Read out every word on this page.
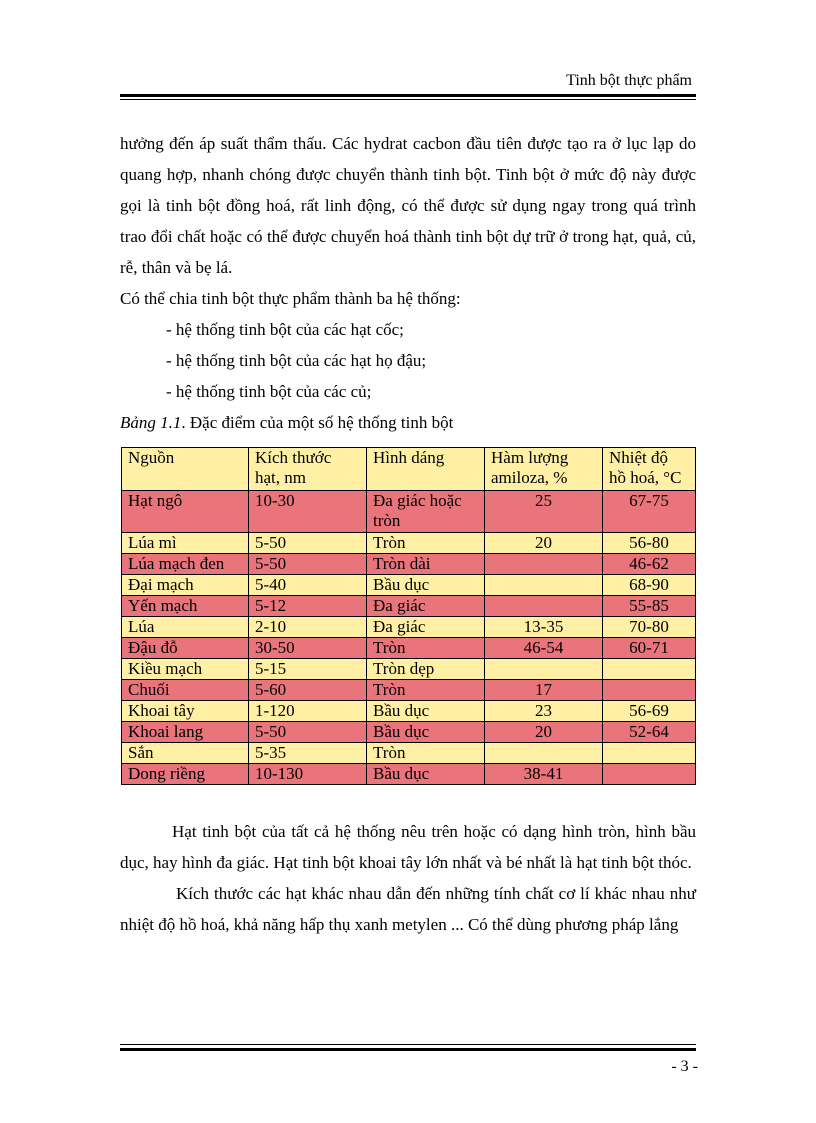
Tinh bột thực phẩm

hưởng đến áp suất thẩm thấu. Các hydrat cacbon đầu tiên được tạo ra ở lục lạp do quang hợp, nhanh chóng được chuyển thành tinh bột. Tinh bột ở mức độ này được gọi là tinh bột đồng hoá, rất linh động, có thể được sử dụng ngay trong quá trình trao đổi chất hoặc có thể được chuyển hoá thành tinh bột dự trữ ở trong hạt, quả, củ, rễ, thân và bẹ lá.

Có thể chia tinh bột thực phẩm thành ba hệ thống:

- hệ thống tinh bột của các hạt cốc;
- hệ thống tinh bột của các hạt họ đậu;
- hệ thống tinh bột của các củ;

Bảng 1.1. Đặc điểm của một số hệ thống tinh bột

Nguồn	Kích thước hạt, nm	Hình dáng	Hàm lượng amiloza, %	Nhiệt độ hồ hoá, °C
Hạt ngô	10-30	Đa giác hoặc tròn	25	67-75
Lúa mì	5-50	Tròn	20	56-80
Lúa mạch đen	5-50	Tròn dài		46-62
Đại mạch	5-40	Bầu dục		68-90
Yến mạch	5-12	Đa giác		55-85
Lúa	2-10	Đa giác	13-35	70-80
Đậu đỗ	30-50	Tròn	46-54	60-71
Kiều mạch	5-15	Tròn dẹp		
Chuối	5-60	Tròn	17	
Khoai tây	1-120	Bầu dục	23	56-69
Khoai lang	5-50	Bầu dục	20	52-64
Sắn	5-35	Tròn		
Dong riềng	10-130	Bầu dục	38-41	

Hạt tinh bột của tất cả hệ thống nêu trên hoặc có dạng hình tròn, hình bầu dục, hay hình đa giác. Hạt tinh bột khoai tây lớn nhất và bé nhất là hạt tinh bột thóc.

Kích thước các hạt khác nhau dẫn đến những tính chất cơ lí khác nhau như nhiệt độ hồ hoá, khả năng hấp thụ xanh metylen ... Có thể dùng phương pháp lắng

- 3 -
